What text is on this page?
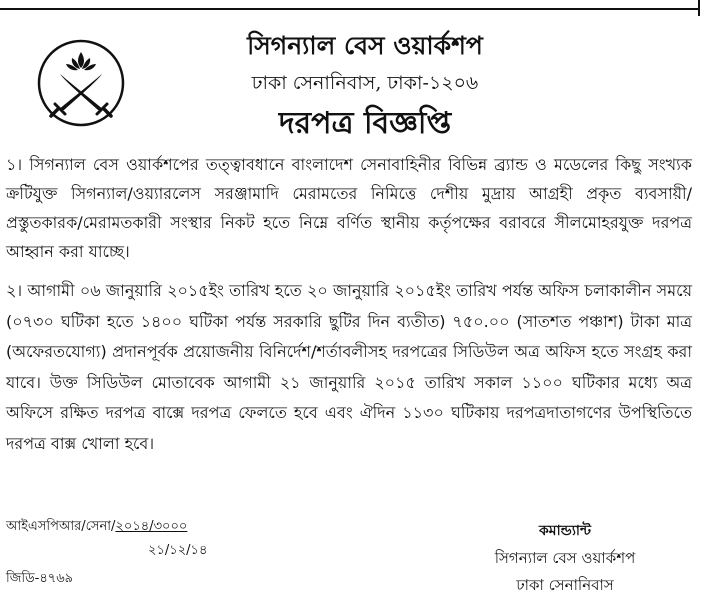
সিগন্যাল বেস ওয়ার্কশপ
ঢাকা সেনানিবাস, ঢাকা-১২০৬
দরপত্র বিজ্ঞপ্তি
১। সিগন্যাল বেস ওয়ার্কশপের তত্ত্বাবধানে বাংলাদেশ সেনাবাহিনীর বিভিন্ন ব্র্যান্ড ও মডেলের কিছু সংখ্যক ক্রটিযুক্ত সিগন্যাল/ওয়্যারলেস সরঞ্জামাদি মেরামতের নিমিত্তে দেশীয় মুদ্রায় আগ্রহী প্রকৃত ব্যবসায়ী/প্রস্তুতকারক/মেরামতকারী সংস্থার নিকট হতে নিম্নে বর্ণিত স্থানীয় কর্তৃপক্ষের বরাবরে সীলমোহরযুক্ত দরপত্র আহ্বান করা যাচ্ছে।
২। আগামী ০৬ জানুয়ারি ২০১৫ইং তারিখ হতে ২০ জানুয়ারি ২০১৫ইং তারিখ পর্যন্ত অফিস চলাকালীন সময়ে (০৭৩০ ঘটিকা হতে ১৪০০ ঘটিকা পর্যন্ত সরকারি ছুটির দিন ব্যতীত) ৭৫০.০০ (সাতশত পঞ্চাশ) টাকা মাত্র (অফেরতযোগ্য) প্রদানপূর্বক প্রয়োজনীয় বিনির্দেশ/শর্তাবলীসহ দরপত্রের সিডিউল অত্র অফিস হতে সংগ্রহ করা যাবে। উক্ত সিডিউল মোতাবেক আগামী ২১ জানুয়ারি ২০১৫ তারিখ সকাল ১১০০ ঘটিকার মধ্যে অত্র অফিসে রক্ষিত দরপত্র বাক্সে দরপত্র ফেলতে হবে এবং ঐদিন ১১৩০ ঘটিকায় দরপত্রদাতাগণের উপস্থিতিতে দরপত্র বাক্স খোলা হবে।
আইএসপিআর/সেনা/২০১৪/৩০০০
২১/১২/১৪
জিডি-৪৭৬৯
কমান্ড্যান্ট
সিগন্যাল বেস ওয়ার্কশপ
ঢাকা সেনানিবাস
